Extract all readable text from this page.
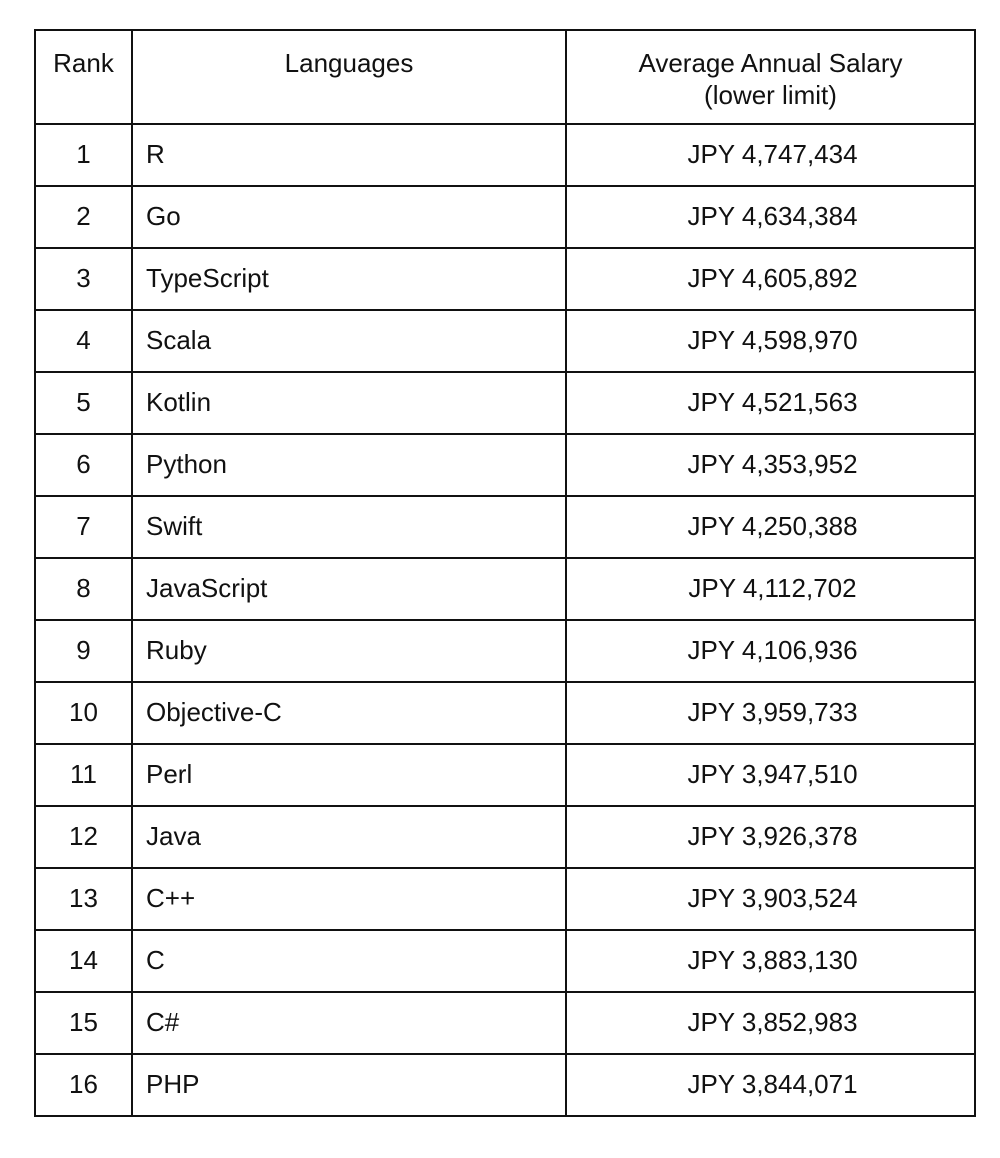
Rank	Languages	Average Annual Salary
(lower limit)

1	R	JPY 4,747,434
2	Go	JPY 4,634,384
3	TypeScript	JPY 4,605,892
4	Scala	JPY 4,598,970
5	Kotlin	JPY 4,521,563
6	Python	JPY 4,353,952
7	Swift	JPY 4,250,388
8	JavaScript	JPY 4,112,702
9	Ruby	JPY 4,106,936
10	Objective-C	JPY 3,959,733
11	Perl	JPY 3,947,510
12	Java	JPY 3,926,378
13	C++	JPY 3,903,524
14	C	JPY 3,883,130
15	C#	JPY 3,852,983
16	PHP	JPY 3,844,071
